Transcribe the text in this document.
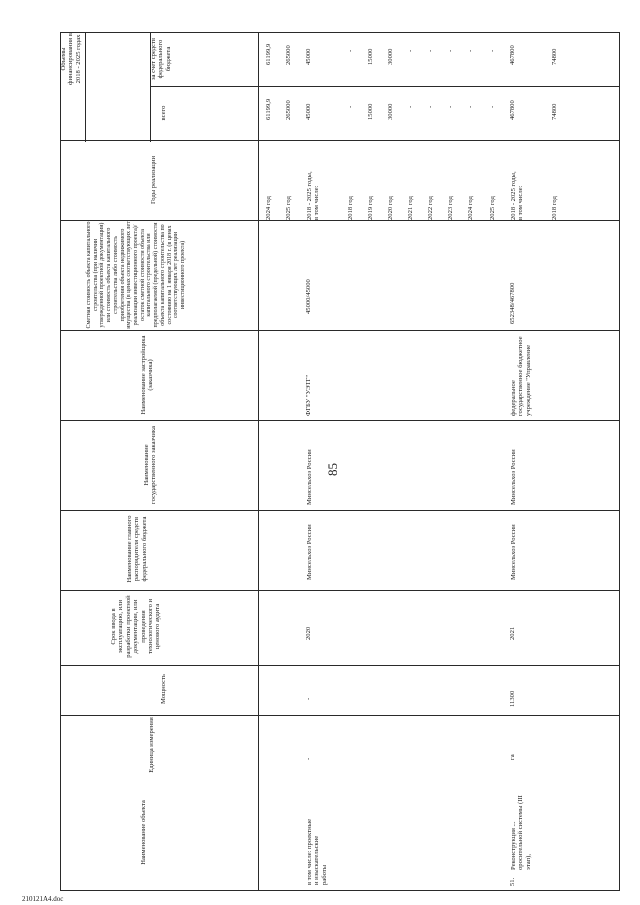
85
Объемы финансирования в 2018 - 2025 годах	за счет средств федерального бюджета
всего
Годы реализации
Сметная стоимость объекта капитального строительства (при наличии утвержденной проектной документации) или стоимость объекта капитального строительства либо стоимость приобретения объекта недвижимого имущества (в ценах соответствующих лет реализации инвестиционного проекта)/остаток сметной стоимости объекта капитального строительства или предполагаемой (предельной) стоимости объекта капитального строительства по состоянию на 1 января 2018 г. (в ценах соответствующих лет реализации инвестиционного проекта)
Наименование застройщика (заказчика)
Наименование государственного заказчика
Наименование главного распорядителя средств федерального бюджета
Срок ввода в эксплуатацию, или разработки проектной документации, или проведения технологического и ценового аудита
Мощность
Единица измерения
Наименование объекта
2024 год
61199,9
61199,9
2025 год
265000
265000
в том числе: проектные и изыскательские работы
-
-
2020
Минсельхоз России
Минсельхоз России
ФГБУ "УЭТГ"
45000/45000
2018 - 2025 годы, в том числе:
45000
45000
2018 год
-
-
2019 год
15000
15000
2020 год
30000
30000
2021 год
-
-
2022 год
-
-
2023 год
-
-
2024 год
-
-
2025 год
-
-
51.
Реконструкция ... оросительной системы (III этап),
га
11300
2021
Минсельхоз России
Минсельхоз России
федеральное государственное бюджетное учреждение "Управление
652348/467800
2018 - 2025 годы, в том числе:
467800
467800
2018 год
74800
74800
210121A4.doc
